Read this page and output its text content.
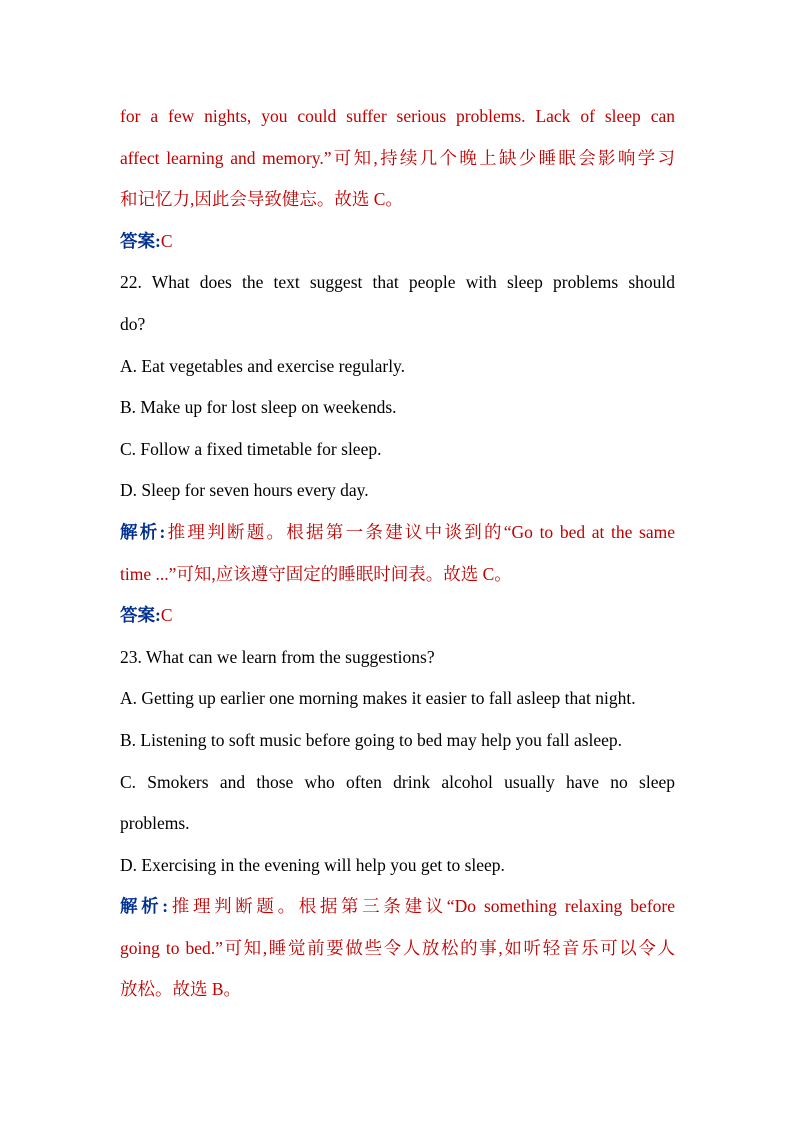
for a few nights, you could suffer serious problems. Lack of sleep can
affect learning and memory.”可知,持续几个晚上缺少睡眠会影响学习
和记忆力,因此会导致健忘。故选 C。
答案:C
22. What does the text suggest that people with sleep problems should
do?
A. Eat vegetables and exercise regularly.
B. Make up for lost sleep on weekends.
C. Follow a fixed timetable for sleep.
D. Sleep for seven hours every day.
解析:推理判断题。根据第一条建议中谈到的“Go to bed at the same
time ...”可知,应该遵守固定的睡眠时间表。故选 C。
答案:C
23. What can we learn from the suggestions?
A. Getting up earlier one morning makes it easier to fall asleep that night.
B. Listening to soft music before going to bed may help you fall asleep.
C. Smokers and those who often drink alcohol usually have no sleep
problems.
D. Exercising in the evening will help you get to sleep.
解析:推理判断题。根据第三条建议“Do something relaxing before
going to bed.”可知,睡觉前要做些令人放松的事,如听轻音乐可以令人
放松。故选 B。
